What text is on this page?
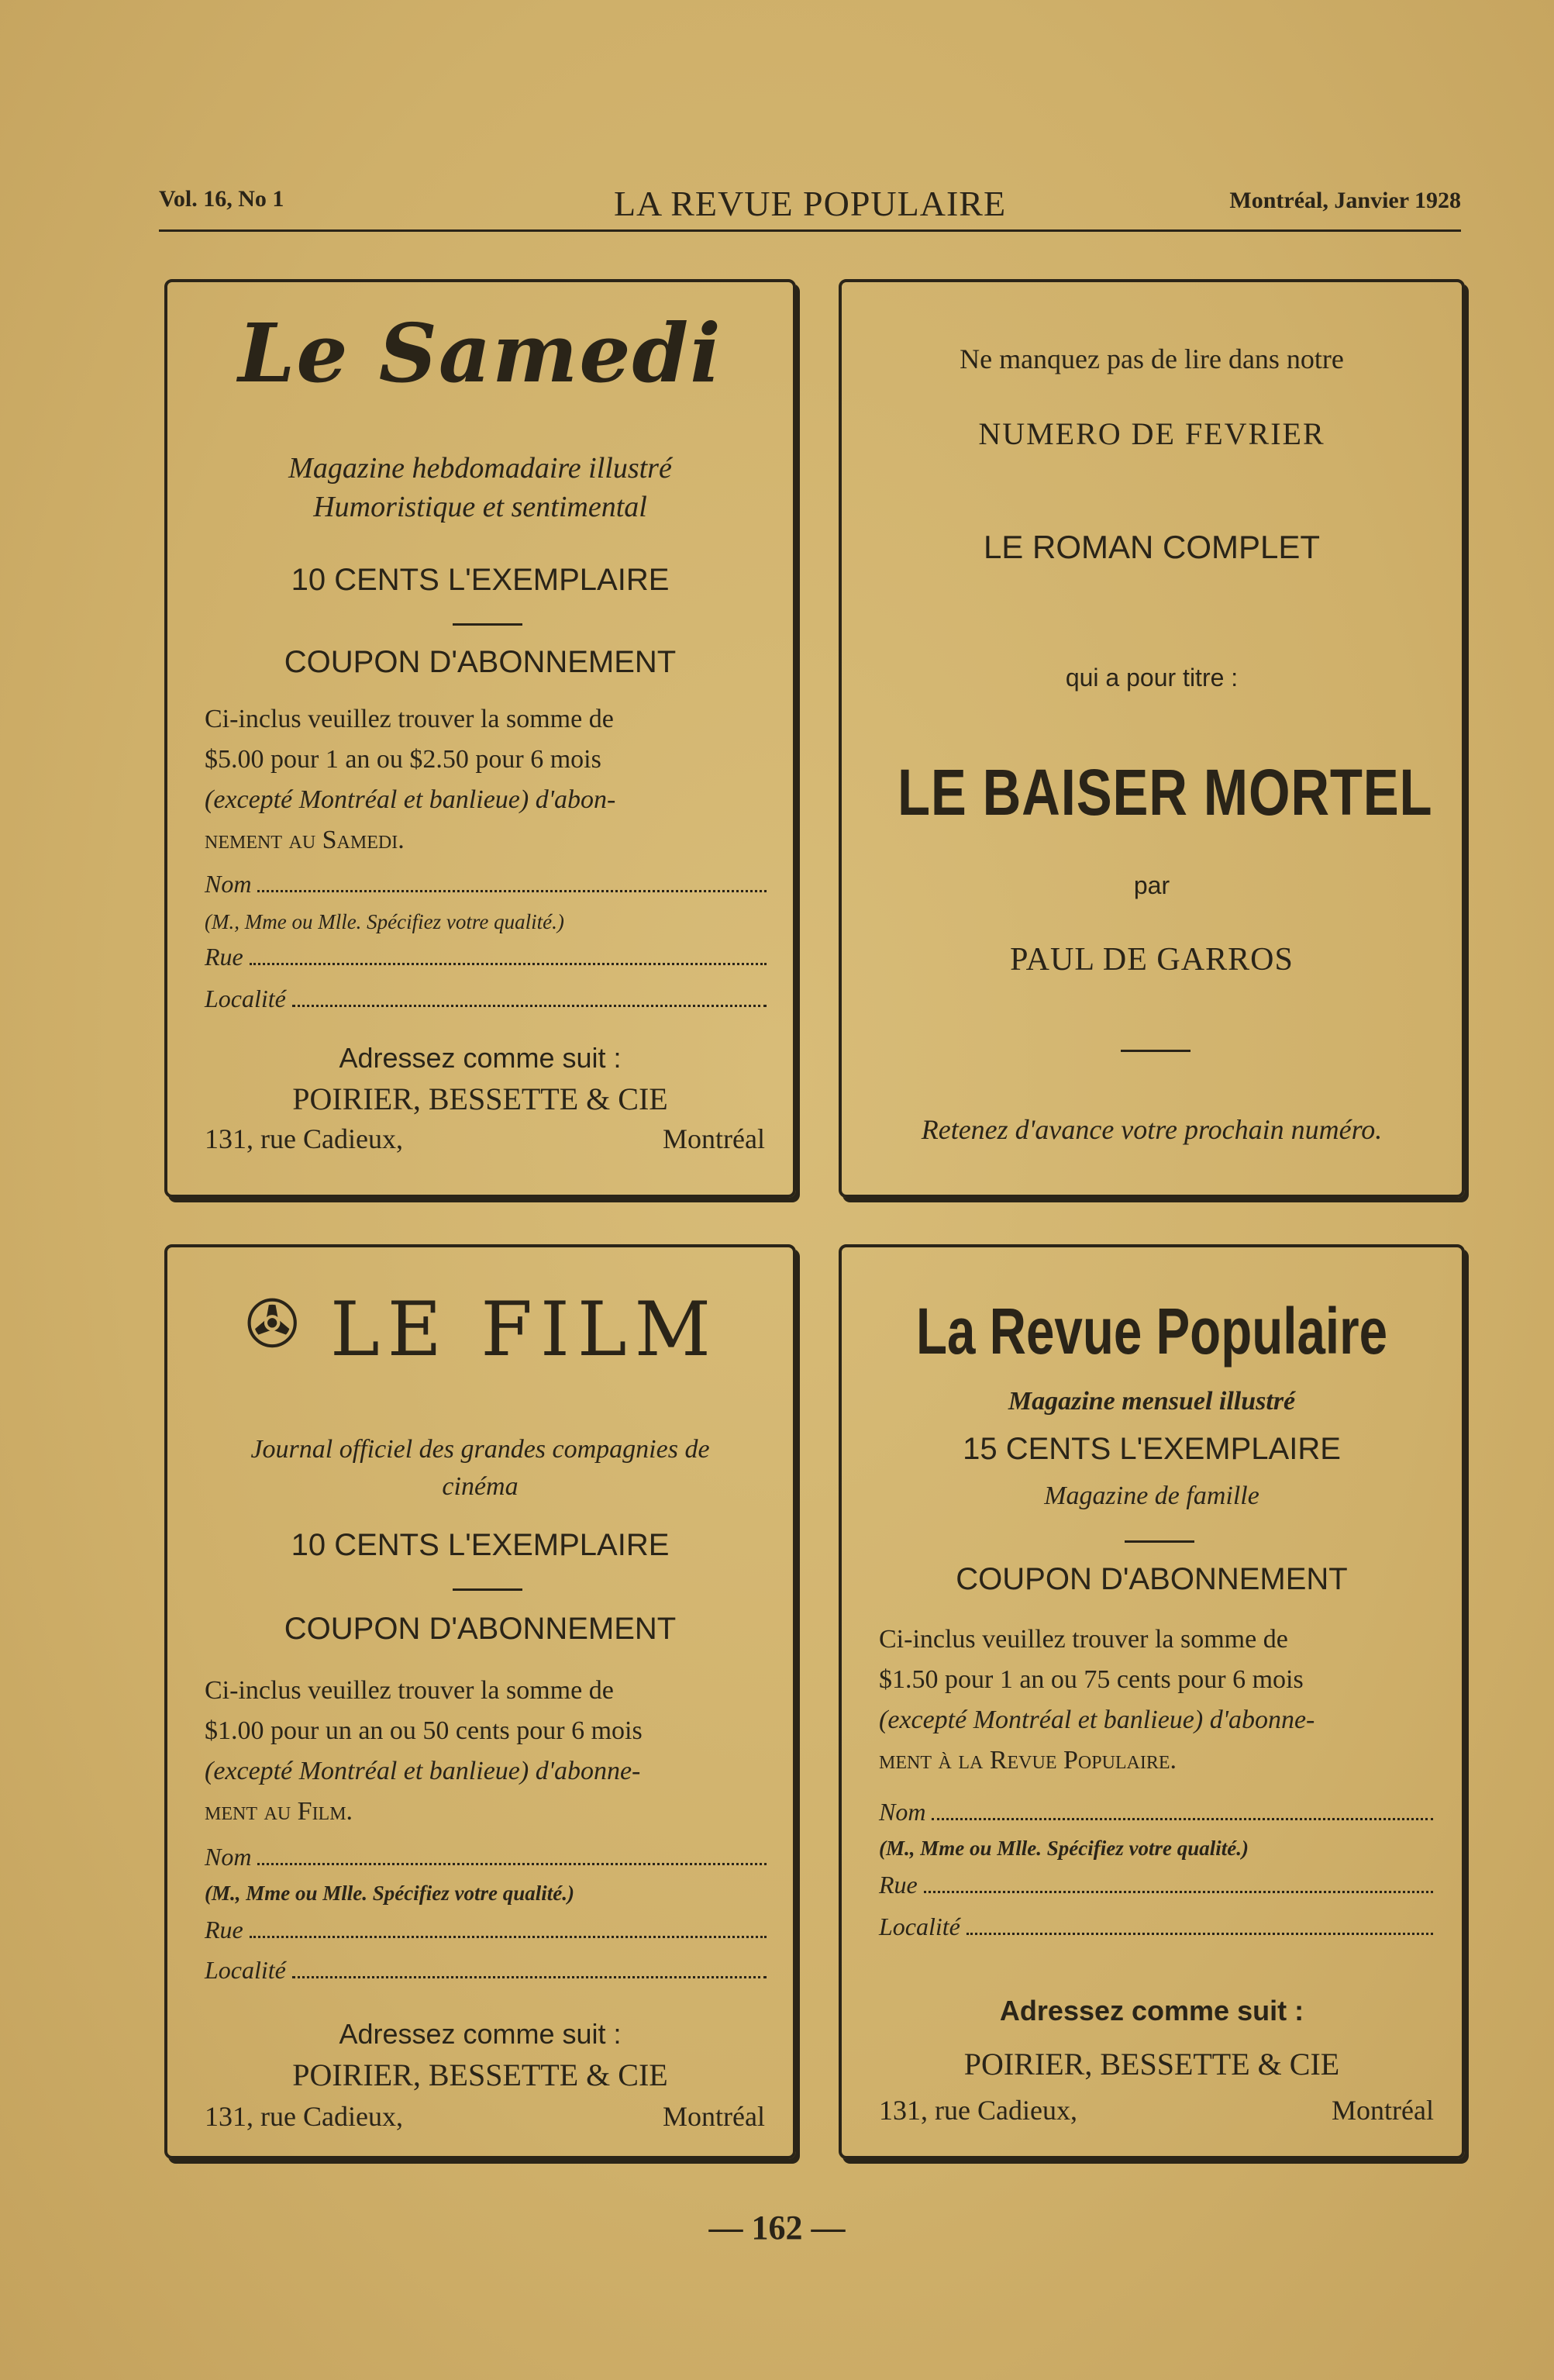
Vol. 16, No 1	LA REVUE POPULAIRE	Montréal, Janvier 1928
Le Samedi
Magazine hebdomadaire illustré
Humoristique et sentimental
10 CENTS L'EXEMPLAIRE
COUPON D'ABONNEMENT
Ci-inclus veuillez trouver la somme de
$5.00 pour 1 an ou $2.50 pour 6 mois
(excepté Montréal et banlieue) d'abon-
nement au Samedi.
Nom
(M., Mme ou Mlle. Spécifiez votre qualité.)
Rue
Localité
Adressez comme suit :
POIRIER, BESSETTE & CIE
131, rue Cadieux,	Montréal
Ne manquez pas de lire dans notre
NUMERO DE FEVRIER
LE ROMAN COMPLET
qui a pour titre :
LE BAISER MORTEL
par
PAUL DE GARROS
Retenez d'avance votre prochain numéro.
✇ LE FILM
Journal officiel des grandes compagnies de
cinéma
10 CENTS L'EXEMPLAIRE
COUPON D'ABONNEMENT
Ci-inclus veuillez trouver la somme de
$1.00 pour un an ou 50 cents pour 6 mois
(excepté Montréal et banlieue) d'abonne-
ment au Film.
Nom
(M., Mme ou Mlle. Spécifiez votre qualité.)
Rue
Localité
Adressez comme suit :
POIRIER, BESSETTE & CIE
131, rue Cadieux,	Montréal
La Revue Populaire
Magazine mensuel illustré
15 CENTS L'EXEMPLAIRE
Magazine de famille
COUPON D'ABONNEMENT
Ci-inclus veuillez trouver la somme de
$1.50 pour 1 an ou 75 cents pour 6 mois
(excepté Montréal et banlieue) d'abonne-
ment à la Revue Populaire.
Nom
(M., Mme ou Mlle. Spécifiez votre qualité.)
Rue
Localité
Adressez comme suit :
POIRIER, BESSETTE & CIE
131, rue Cadieux,	Montréal
— 162 —
